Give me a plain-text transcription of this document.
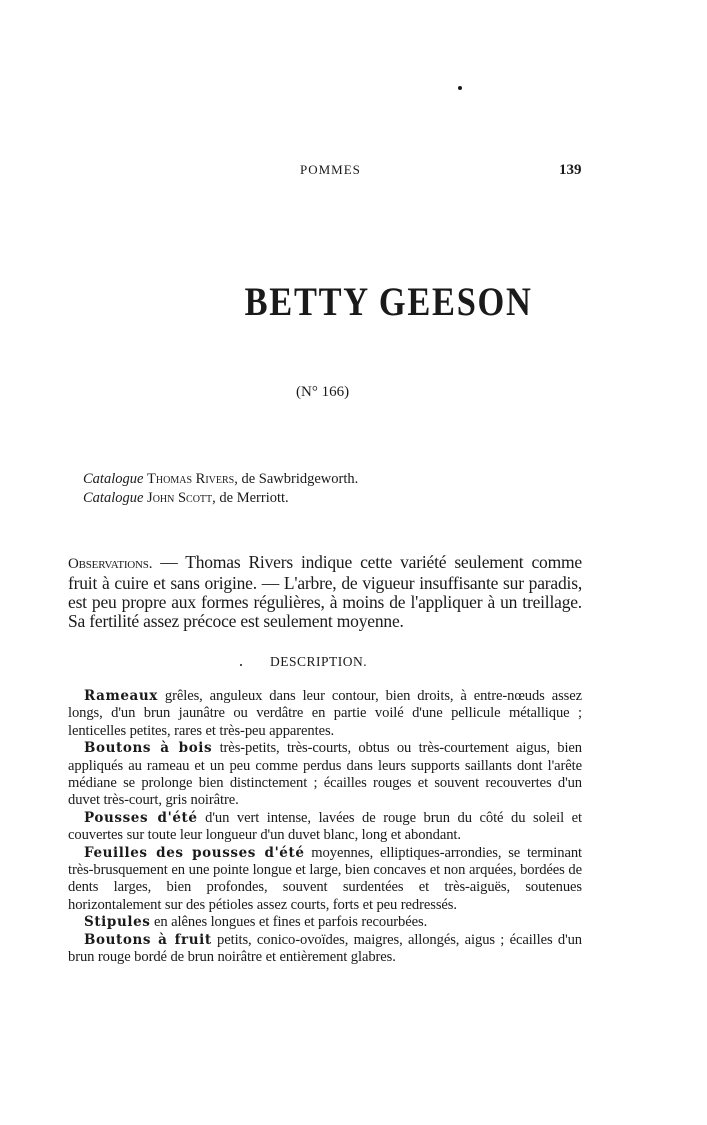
POMMES	139
BETTY GEESON
(N° 166)
Catalogue Thomas Rivers, de Sawbridgeworth.
Catalogue John Scott, de Merriott.
Observations. — Thomas Rivers indique cette variété seulement comme fruit à cuire et sans origine. — L'arbre, de vigueur insuffisante sur paradis, est peu propre aux formes régulières, à moins de l'appliquer à un treillage. Sa fertilité assez précoce est seulement moyenne.
DESCRIPTION.

Rameaux grêles, anguleux dans leur contour, bien droits, à entre-nœuds assez longs, d'un brun jaunâtre ou verdâtre en partie voilé d'une pellicule métallique ; lenticelles petites, rares et très-peu apparentes.

Boutons à bois très-petits, très-courts, obtus ou très-courtement aigus, bien appliqués au rameau et un peu comme perdus dans leurs supports saillants dont l'arête médiane se prolonge bien distinctement ; écailles rouges et souvent recouvertes d'un duvet très-court, gris noirâtre.

Pousses d'été d'un vert intense, lavées de rouge brun du côté du soleil et couvertes sur toute leur longueur d'un duvet blanc, long et abondant.

Feuilles des pousses d'été moyennes, elliptiques-arrondies, se terminant très-brusquement en une pointe longue et large, bien concaves et non arquées, bordées de dents larges, bien profondes, souvent surdentées et très-aiguës, soutenues horizontalement sur des pétioles assez courts, forts et peu redressés.

Stipules en alênes longues et fines et parfois recourbées.

Boutons à fruit petits, conico-ovoïdes, maigres, allongés, aigus ; écailles d'un brun rouge bordé de brun noirâtre et entièrement glabres.
